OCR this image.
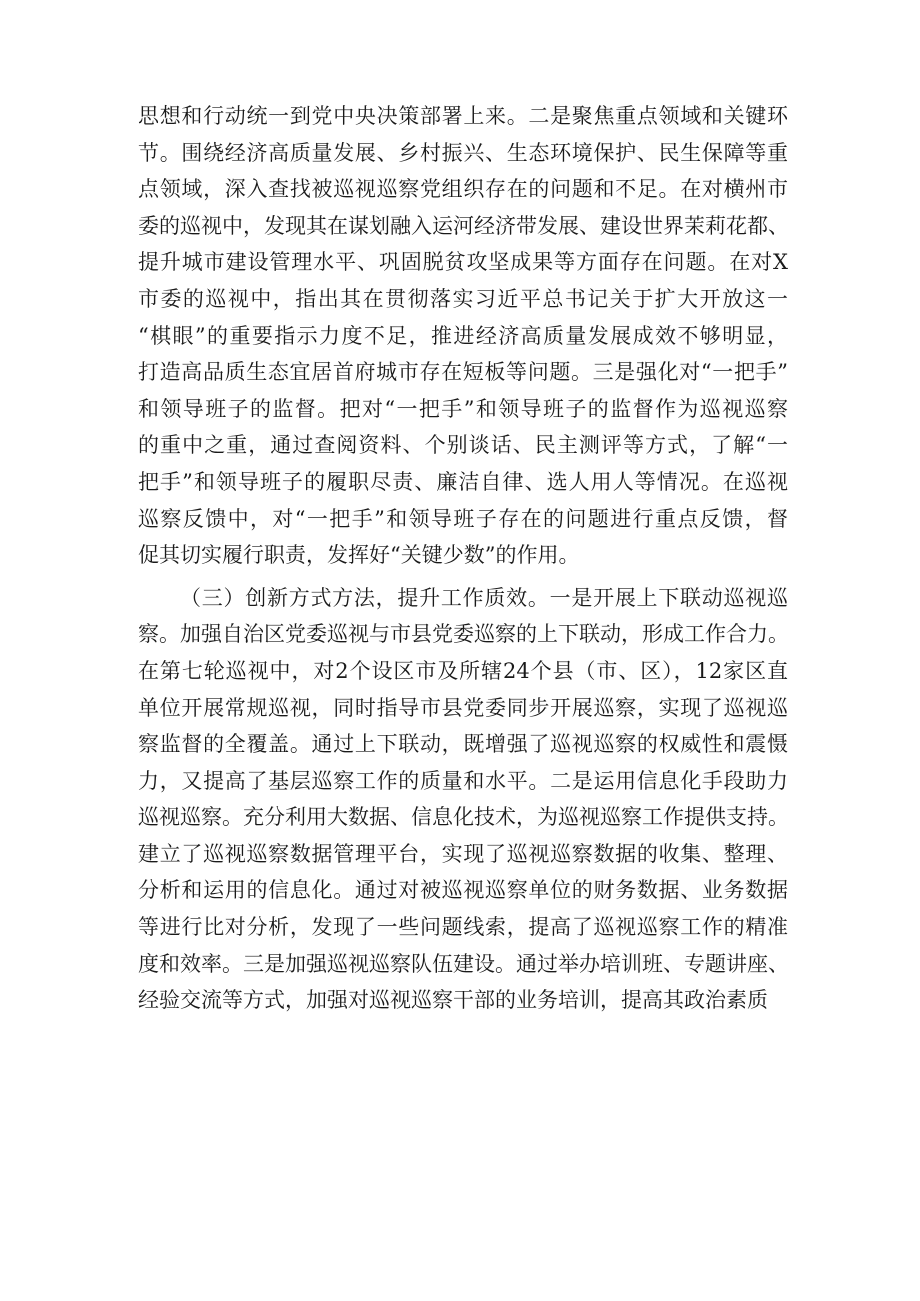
思想和行动统一到党中央决策部署上来。二是聚焦重点领域和关键环
节。围绕经济高质量发展、乡村振兴、生态环境保护、民生保障等重
点领域，深入查找被巡视巡察党组织存在的问题和不足。在对横州市
委的巡视中，发现其在谋划融入运河经济带发展、建设世界茉莉花都、
提升城市建设管理水平、巩固脱贫攻坚成果等方面存在问题。在对X
市委的巡视中，指出其在贯彻落实习近平总书记关于扩大开放这一
“棋眼”的重要指示力度不足，推进经济高质量发展成效不够明显，
打造高品质生态宜居首府城市存在短板等问题。三是强化对“一把手”
和领导班子的监督。把对“一把手”和领导班子的监督作为巡视巡察
的重中之重，通过查阅资料、个别谈话、民主测评等方式，了解“一
把手”和领导班子的履职尽责、廉洁自律、选人用人等情况。在巡视
巡察反馈中，对“一把手”和领导班子存在的问题进行重点反馈，督
促其切实履行职责，发挥好“关键少数”的作用。
（三）创新方式方法，提升工作质效。一是开展上下联动巡视巡
察。加强自治区党委巡视与市县党委巡察的上下联动，形成工作合力。
在第七轮巡视中，对2个设区市及所辖24个县（市、区），12家区直
单位开展常规巡视，同时指导市县党委同步开展巡察，实现了巡视巡
察监督的全覆盖。通过上下联动，既增强了巡视巡察的权威性和震慑
力，又提高了基层巡察工作的质量和水平。二是运用信息化手段助力
巡视巡察。充分利用大数据、信息化技术，为巡视巡察工作提供支持。
建立了巡视巡察数据管理平台，实现了巡视巡察数据的收集、整理、
分析和运用的信息化。通过对被巡视巡察单位的财务数据、业务数据
等进行比对分析，发现了一些问题线索，提高了巡视巡察工作的精准
度和效率。三是加强巡视巡察队伍建设。通过举办培训班、专题讲座、
经验交流等方式，加强对巡视巡察干部的业务培训，提高其政治素质
